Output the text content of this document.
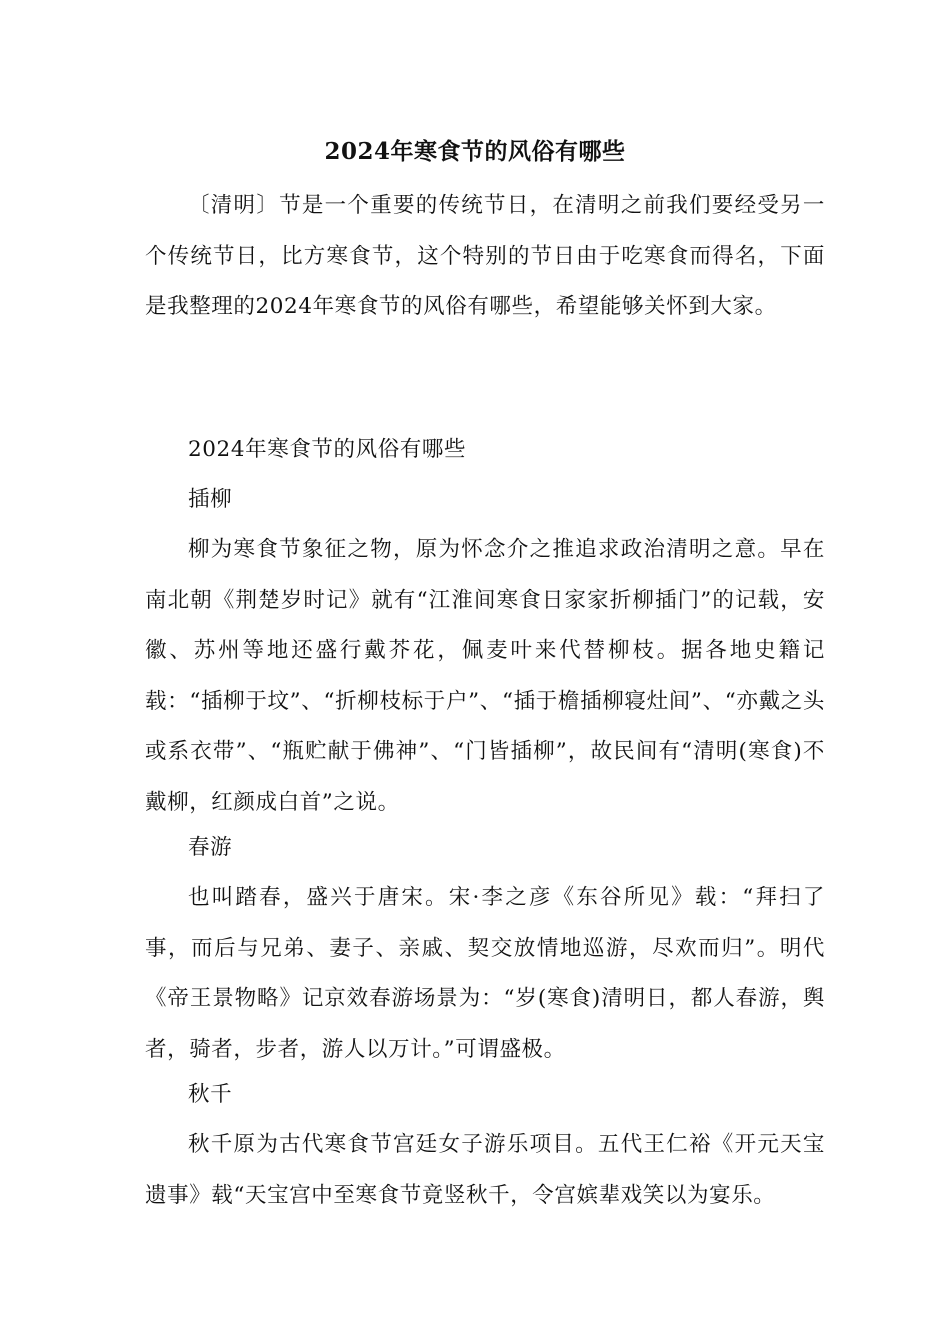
2024年寒食节的风俗有哪些
〔清明〕节是一个重要的传统节日，在清明之前我们要经受另一个传统节日，比方寒食节，这个特别的节日由于吃寒食而得名，下面是我整理的2024年寒食节的风俗有哪些，希望能够关怀到大家。
2024年寒食节的风俗有哪些
插柳
柳为寒食节象征之物，原为怀念介之推追求政治清明之意。早在南北朝《荆楚岁时记》就有“江淮间寒食日家家折柳插门”的记载，安徽、苏州等地还盛行戴芥花，佩麦叶来代替柳枝。据各地史籍记载：“插柳于坟”、“折柳枝标于户”、“插于檐插柳寝灶间”、“亦戴之头或系衣带”、“瓶贮献于佛神”、“门皆插柳”，故民间有“清明(寒食)不戴柳，红颜成白首”之说。
春游
也叫踏春，盛兴于唐宋。宋·李之彦《东谷所见》载：“拜扫了事，而后与兄弟、妻子、亲戚、契交放情地巡游，尽欢而归”。明代《帝王景物略》记京效春游场景为：“岁(寒食)清明日，都人春游，舆者，骑者，步者，游人以万计。”可谓盛极。
秋千
秋千原为古代寒食节宫廷女子游乐项目。五代王仁裕《开元天宝遗事》载“天宝宫中至寒食节竟竖秋千，令宫嫔辈戏笑以为宴乐。
